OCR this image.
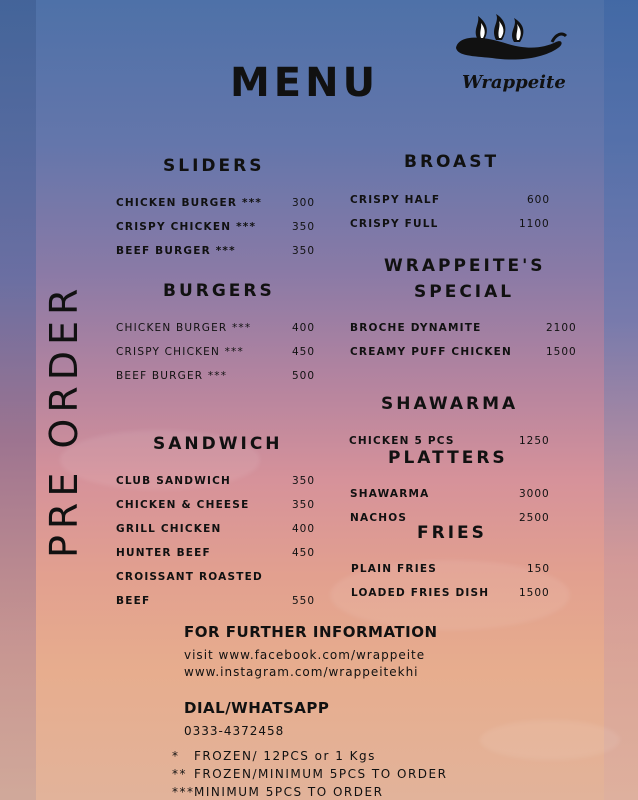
Wrappeite
MENU
PRE ORDER
SLIDERS
CHICKEN BURGER ***	300
CRISPY CHICKEN ***	350
BEEF BURGER ***	350
BURGERS
CHICKEN BURGER ***	400
CRISPY CHICKEN ***	450
BEEF BURGER ***	500
SANDWICH
CLUB SANDWICH	350
CHICKEN & CHEESE	350
GRILL CHICKEN	400
HUNTER BEEF	450
CROISSANT ROASTED
BEEF	550
BROAST
CRISPY HALF	600
CRISPY FULL	1100
WRAPPEITE'S
SPECIAL
BROCHE DYNAMITE	2100
CREAMY PUFF CHICKEN	1500
SHAWARMA
CHICKEN 5 PCS	1250
PLATTERS
SHAWARMA	3000
NACHOS	2500
FRIES
PLAIN FRIES	150
LOADED FRIES DISH	1500
FOR FURTHER INFORMATION
visit www.facebook.com/wrappeite
www.instagram.com/wrappeitekhi
DIAL/WHATSAPP
0333-4372458
* FROZEN/ 12PCS or 1 Kgs
** FROZEN/MINIMUM 5PCS TO ORDER
*** MINIMUM 5PCS TO ORDER
